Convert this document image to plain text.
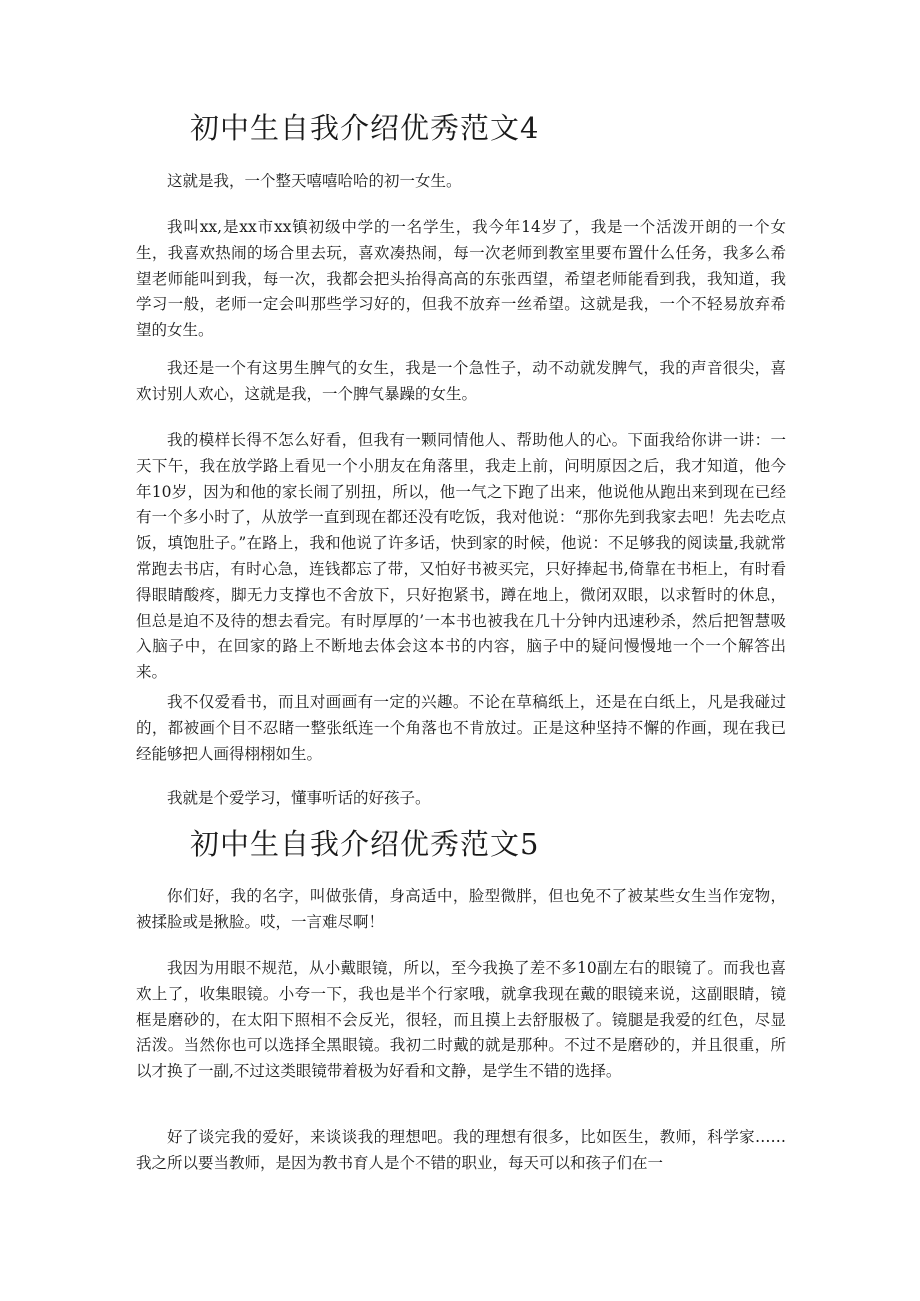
初中生自我介绍优秀范文4

这就是我，一个整天嘻嘻哈哈的初一女生。

我叫xx,是xx市xx镇初级中学的一名学生，我今年14岁了，我是一个活泼开朗的一个女生，我喜欢热闹的场合里去玩，喜欢凑热闹，每一次老师到教室里要布置什么任务，我多么希望老师能叫到我，每一次，我都会把头抬得高高的东张西望，希望老师能看到我，我知道，我学习一般，老师一定会叫那些学习好的，但我不放弃一丝希望。这就是我，一个不轻易放弃希望的女生。

我还是一个有这男生脾气的女生，我是一个急性子，动不动就发脾气，我的声音很尖，喜欢讨别人欢心，这就是我，一个脾气暴躁的女生。

我的模样长得不怎么好看，但我有一颗同情他人、帮助他人的心。下面我给你讲一讲：一天下午，我在放学路上看见一个小朋友在角落里，我走上前，问明原因之后，我才知道，他今年10岁，因为和他的家长闹了别扭，所以，他一气之下跑了出来，他说他从跑出来到现在已经有一个多小时了，从放学一直到现在都还没有吃饭，我对他说：“那你先到我家去吧！先去吃点饭，填饱肚子。”在路上，我和他说了许多话，快到家的时候，他说：不足够我的阅读量,我就常常跑去书店，有时心急，连钱都忘了带，又怕好书被买完，只好捧起书,倚靠在书柜上，有时看得眼睛酸疼，脚无力支撑也不舍放下，只好抱紧书，蹲在地上，微闭双眼，以求暂时的休息，但总是迫不及待的想去看完。有时厚厚的’一本书也被我在几十分钟内迅速秒杀，然后把智慧吸入脑子中，在回家的路上不断地去体会这本书的内容，脑子中的疑问慢慢地一个一个解答出来。

我不仅爱看书，而且对画画有一定的兴趣。不论在草稿纸上，还是在白纸上，凡是我碰过的，都被画个目不忍睹一整张纸连一个角落也不肯放过。正是这种坚持不懈的作画，现在我已经能够把人画得栩栩如生。

我就是个爱学习，懂事听话的好孩子。

初中生自我介绍优秀范文5

你们好，我的名字，叫做张倩，身高适中，脸型微胖，但也免不了被某些女生当作宠物，被揉脸或是揪脸。哎，一言难尽啊！

我因为用眼不规范，从小戴眼镜，所以，至今我换了差不多10副左右的眼镜了。而我也喜欢上了，收集眼镜。小夸一下，我也是半个行家哦，就拿我现在戴的眼镜来说，这副眼睛，镜框是磨砂的，在太阳下照相不会反光，很轻，而且摸上去舒服极了。镜腿是我爱的红色，尽显活泼。当然你也可以选择全黑眼镜。我初二时戴的就是那种。不过不是磨砂的，并且很重，所以才换了一副,不过这类眼镜带着极为好看和文静，是学生不错的选择。

好了谈完我的爱好，来谈谈我的理想吧。我的理想有很多，比如医生，教师，科学家……我之所以要当教师，是因为教书育人是个不错的职业，每天可以和孩子们在一
